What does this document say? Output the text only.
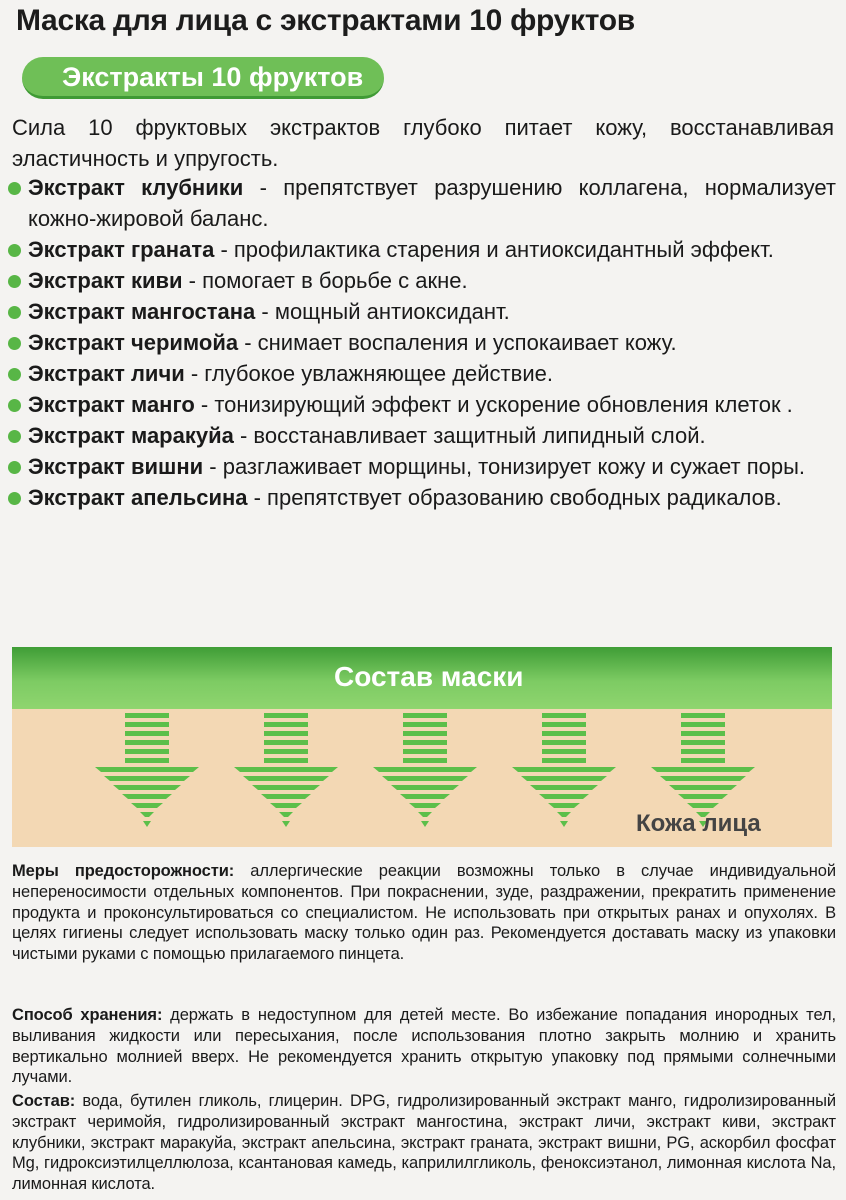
Маска для лица с экстрактами 10 фруктов
Экстракты 10 фруктов
Сила 10 фруктовых экстрактов глубоко питает кожу, восстанавливая эластичность и упругость.
Экстракт клубники - препятствует разрушению коллагена, нормализует кожно-жировой баланс.
Экстракт граната - профилактика старения и антиоксидантный эффект.
Экстракт киви - помогает в борьбе с акне.
Экстракт мангостана - мощный антиоксидант.
Экстракт черимойа - снимает воспаления и успокаивает кожу.
Экстракт личи - глубокое увлажняющее действие.
Экстракт манго - тонизирующий эффект и ускорение обновления клеток .
Экстракт маракуйа - восстанавливает защитный липидный слой.
Экстракт вишни - разглаживает морщины, тонизирует кожу и сужает поры.
Экстракт апельсина - препятствует образованию свободных радикалов.
Состав маски
Кожа лица
Меры предосторожности: аллергические реакции возможны только в случае индивидуальной непереносимости отдельных компонентов. При покраснении, зуде, раздражении, прекратить применение продукта и проконсультироваться со специалистом. Не использовать при открытых ранах и опухолях. В целях гигиены следует использовать маску только один раз. Рекомендуется доставать маску из упаковки чистыми руками с помощью прилагаемого пинцета.
Способ хранения: держать в недоступном для детей месте. Во избежание попадания инородных тел, выливания жидкости или пересыхания, после использования плотно закрыть молнию и хранить вертикально молнией вверх. Не рекомендуется хранить открытую упаковку под прямыми солнечными лучами.
Состав: вода, бутилен гликоль, глицерин. DPG, гидролизированный экстракт манго, гидролизированный экстракт черимойя, гидролизированный экстракт мангостина, экстракт личи, экстракт киви, экстракт клубники, экстракт маракуйа, экстракт апельсина, экстракт граната, экстракт вишни, PG, аскорбил фосфат Mg, гидроксиэтилцеллюлоза, ксантановая камедь, каприлилгликоль, феноксиэтанол, лимонная кислота Na, лимонная кислота.
